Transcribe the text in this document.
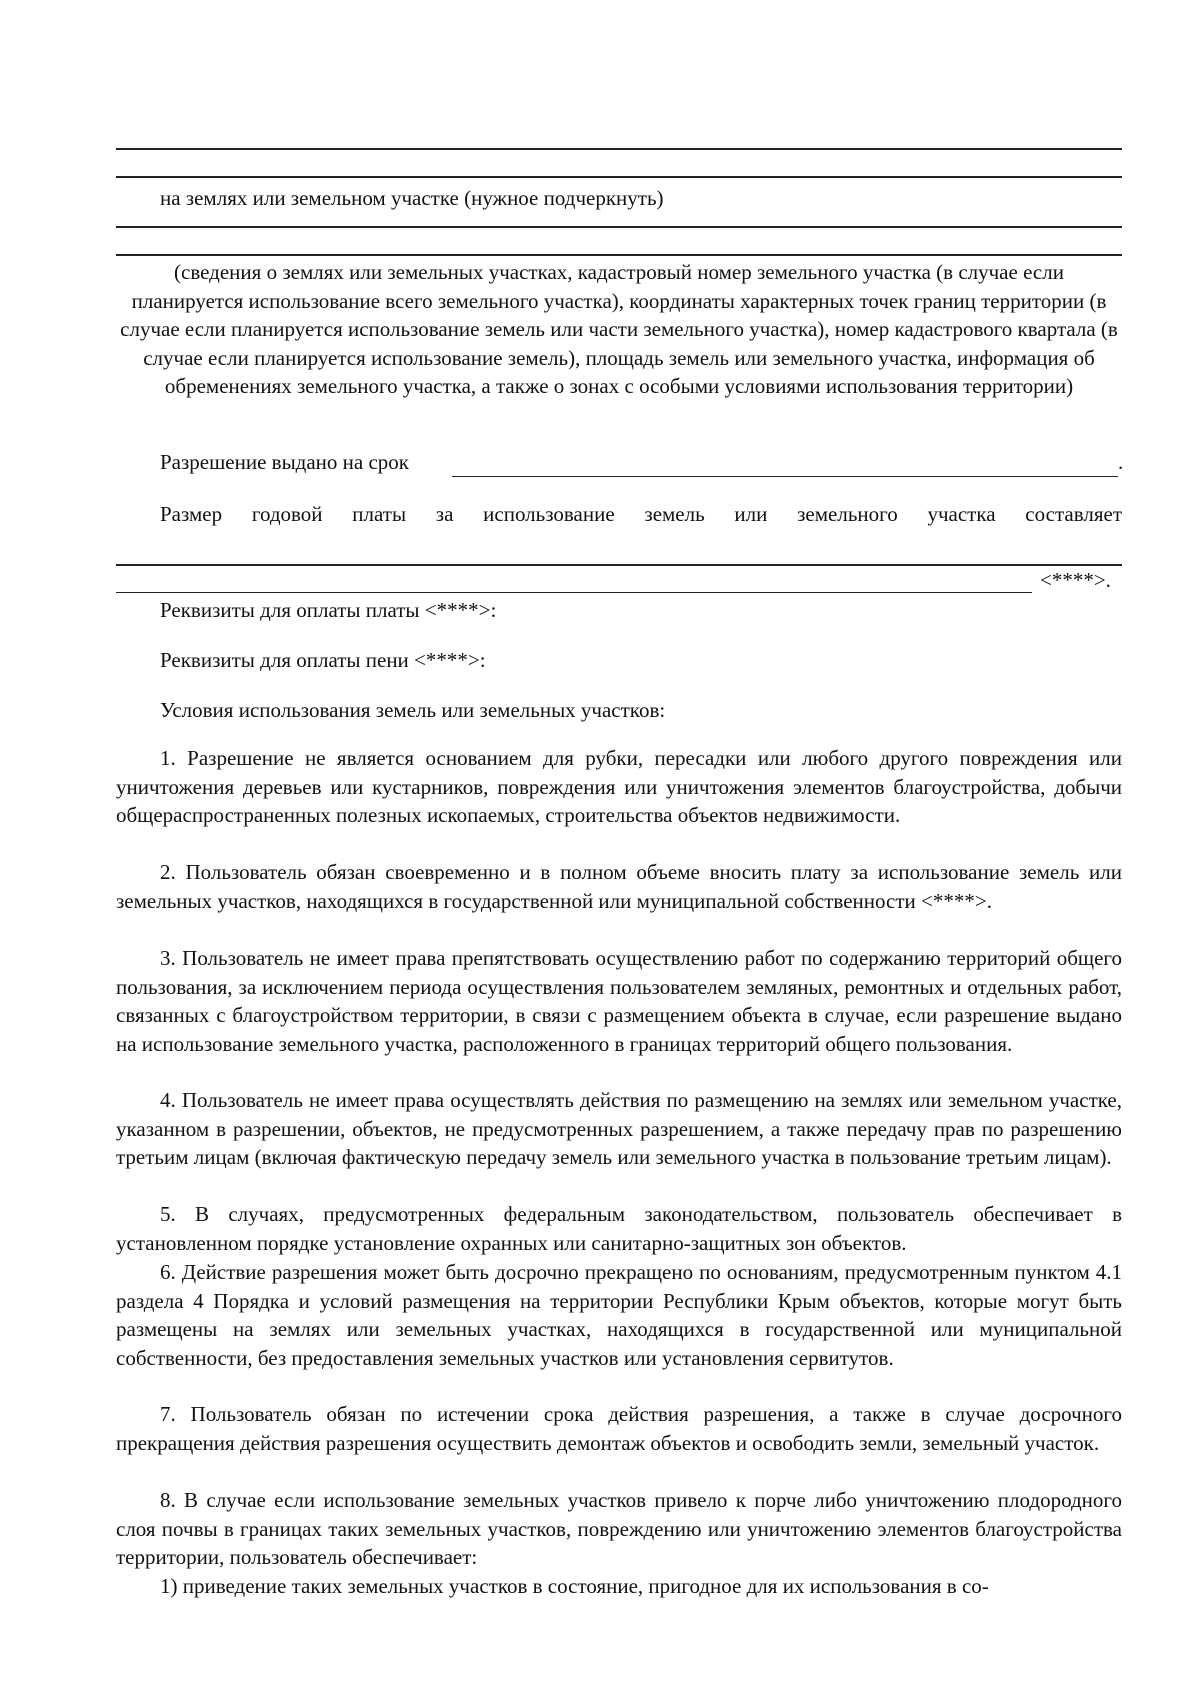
на землях или земельном участке (нужное подчеркнуть)
(сведения о землях или земельных участках, кадастровый номер земельного участка (в случае если планируется использование всего земельного участка), координаты характерных точек границ территории (в случае если планируется использование земель или части земельного участка), номер кадастрового квартала (в случае если планируется использование земель), площадь земель или земельного участка, информация об обременениях земельного участка, а также о зонах с особыми условиями использования территории)
Разрешение выдано на срок	.
Размер годовой платы за использование земель или земельного участка составляет
<****>.
Реквизиты для оплаты платы <****>:
Реквизиты для оплаты пени <****>:
Условия использования земель или земельных участков:
1. Разрешение не является основанием для рубки, пересадки или любого другого повреждения или уничтожения деревьев или кустарников, повреждения или уничтожения элементов благоустройства, добычи общераспространенных полезных ископаемых, строительства объектов недвижимости.
2. Пользователь обязан своевременно и в полном объеме вносить плату за использование земель или земельных участков, находящихся в государственной или муниципальной собственности <****>.
3. Пользователь не имеет права препятствовать осуществлению работ по содержанию территорий общего пользования, за исключением периода осуществления пользователем земляных, ремонтных и отдельных работ, связанных с благоустройством территории, в связи с размещением объекта в случае, если разрешение выдано на использование земельного участка, расположенного в границах территорий общего пользования.
4. Пользователь не имеет права осуществлять действия по размещению на землях или земельном участке, указанном в разрешении, объектов, не предусмотренных разрешением, а также передачу прав по разрешению третьим лицам (включая фактическую передачу земель или земельного участка в пользование третьим лицам).
5. В случаях, предусмотренных федеральным законодательством, пользователь обеспечивает в установленном порядке установление охранных или санитарно-защитных зон объектов.
6. Действие разрешения может быть досрочно прекращено по основаниям, предусмотренным пунктом 4.1 раздела 4 Порядка и условий размещения на территории Республики Крым объектов, которые могут быть размещены на землях или земельных участках, находящихся в государственной или муниципальной собственности, без предоставления земельных участков или установления сервитутов.
7. Пользователь обязан по истечении срока действия разрешения, а также в случае досрочного прекращения действия разрешения осуществить демонтаж объектов и освободить земли, земельный участок.
8. В случае если использование земельных участков привело к порче либо уничтожению плодородного слоя почвы в границах таких земельных участков, повреждению или уничтожению элементов благоустройства территории, пользователь обеспечивает:
1) приведение таких земельных участков в состояние, пригодное для их использования в со-
